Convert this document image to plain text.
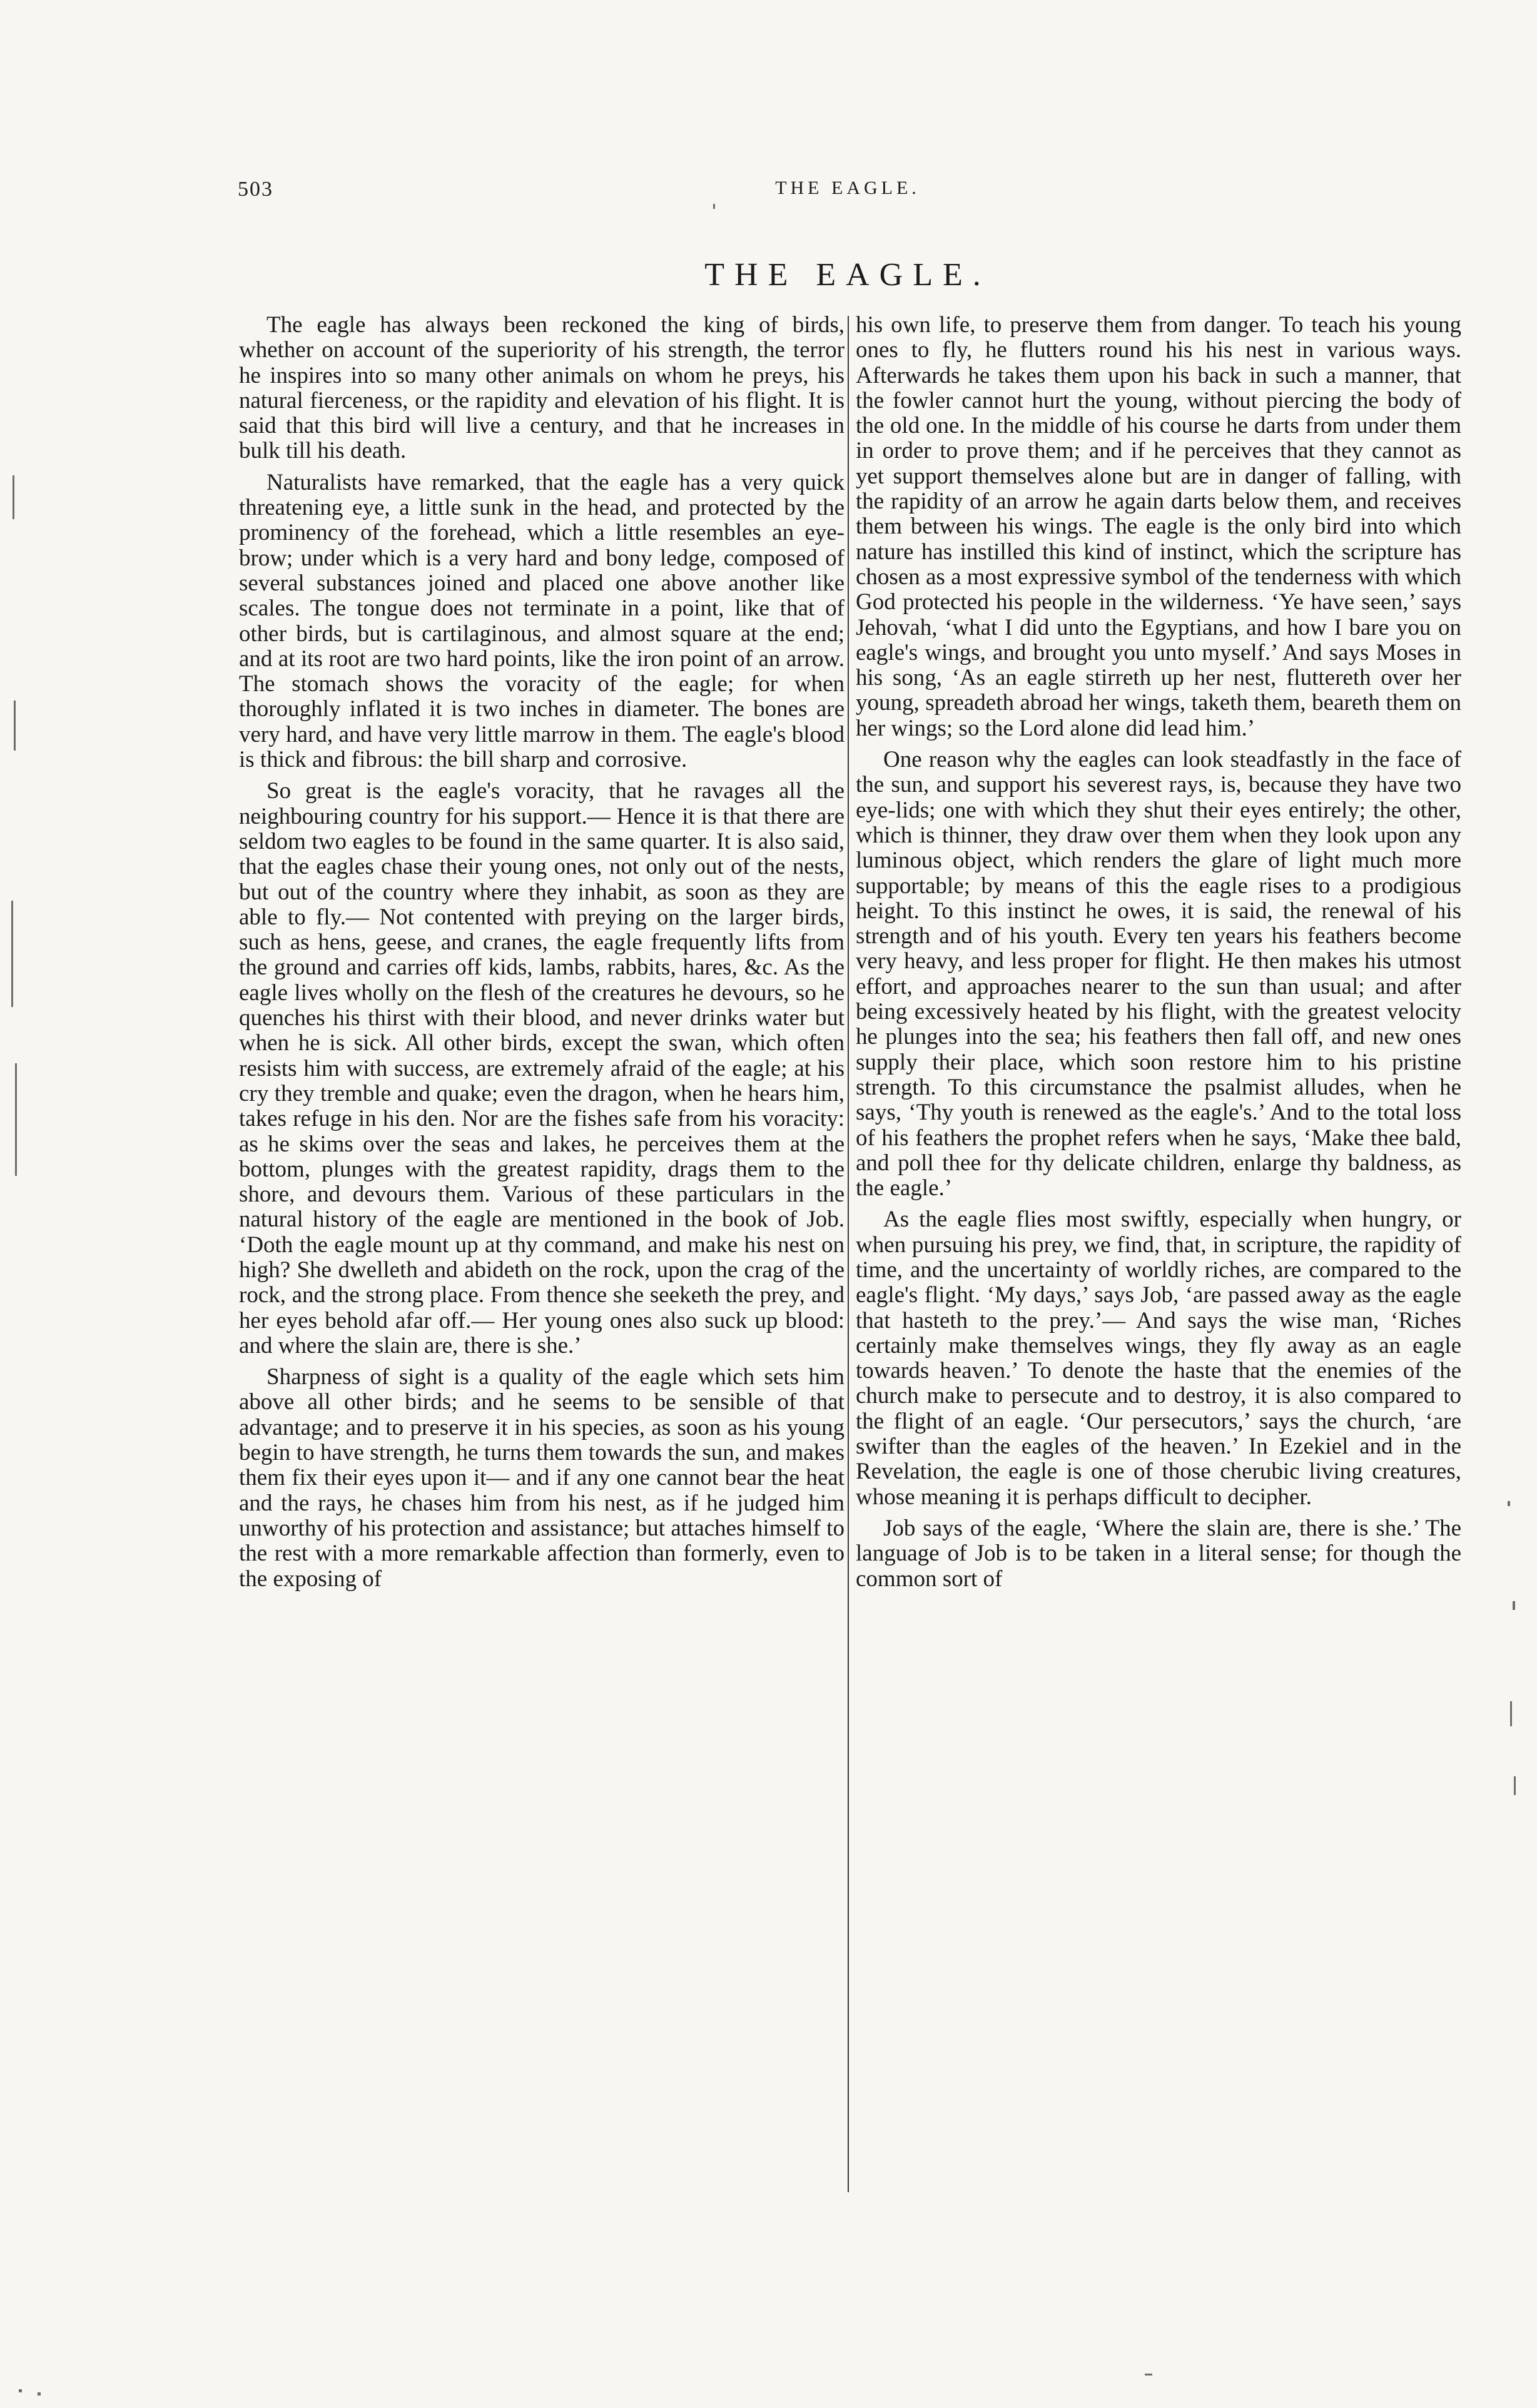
503	THE EAGLE.
THE EAGLE.

The eagle has always been reckoned the king of birds, whether on account of the superiority of his strength, the terror he inspires into so many other animals on whom he preys, his natural fierceness, or the rapidity and elevation of his flight. It is said that this bird will live a century, and that he increases in bulk till his death.

Naturalists have remarked, that the eagle has a very quick threatening eye, a little sunk in the head, and protected by the prominency of the forehead, which a little resembles an eye-brow; under which is a very hard and bony ledge, composed of several substances joined and placed one above another like scales. The tongue does not terminate in a point, like that of other birds, but is cartilaginous, and almost square at the end; and at its root are two hard points, like the iron point of an arrow. The stomach shows the voracity of the eagle; for when thoroughly inflated it is two inches in diameter. The bones are very hard, and have very little marrow in them. The eagle's blood is thick and fibrous: the bill sharp and corrosive.

So great is the eagle's voracity, that he ravages all the neighbouring country for his support.— Hence it is that there are seldom two eagles to be found in the same quarter. It is also said, that the eagles chase their young ones, not only out of the nests, but out of the country where they inhabit, as soon as they are able to fly.— Not contented with preying on the larger birds, such as hens, geese, and cranes, the eagle frequently lifts from the ground and carries off kids, lambs, rabbits, hares, &c. As the eagle lives wholly on the flesh of the creatures he devours, so he quenches his thirst with their blood, and never drinks water but when he is sick. All other birds, except the swan, which often resists him with success, are extremely afraid of the eagle; at his cry they tremble and quake; even the dragon, when he hears him, takes refuge in his den. Nor are the fishes safe from his voracity: as he skims over the seas and lakes, he perceives them at the bottom, plunges with the greatest rapidity, drags them to the shore, and devours them. Various of these particulars in the natural history of the eagle are mentioned in the book of Job. ‘Doth the eagle mount up at thy command, and make his nest on high? She dwelleth and abideth on the rock, upon the crag of the rock, and the strong place. From thence she seeketh the prey, and her eyes behold afar off.— Her young ones also suck up blood: and where the slain are, there is she.’

Sharpness of sight is a quality of the eagle which sets him above all other birds; and he seems to be sensible of that advantage; and to preserve it in his species, as soon as his young begin to have strength, he turns them towards the sun, and makes them fix their eyes upon it— and if any one cannot bear the heat and the rays, he chases him from his nest, as if he judged him unworthy of his protection and assistance; but attaches himself to the rest with a more remarkable affection than formerly, even to the exposing of

his own life, to preserve them from danger. To teach his young ones to fly, he flutters round his his nest in various ways. Afterwards he takes them upon his back in such a manner, that the fowler cannot hurt the young, without piercing the body of the old one. In the middle of his course he darts from under them in order to prove them; and if he perceives that they cannot as yet support themselves alone but are in danger of falling, with the rapidity of an arrow he again darts below them, and receives them between his wings. The eagle is the only bird into which nature has instilled this kind of instinct, which the scripture has chosen as a most expressive symbol of the tenderness with which God protected his people in the wilderness. ‘Ye have seen,’ says Jehovah, ‘what I did unto the Egyptians, and how I bare you on eagle's wings, and brought you unto myself.’ And says Moses in his song, ‘As an eagle stirreth up her nest, fluttereth over her young, spreadeth abroad her wings, taketh them, beareth them on her wings; so the Lord alone did lead him.’

One reason why the eagles can look steadfastly in the face of the sun, and support his severest rays, is, because they have two eye-lids; one with which they shut their eyes entirely; the other, which is thinner, they draw over them when they look upon any luminous object, which renders the glare of light much more supportable; by means of this the eagle rises to a prodigious height. To this instinct he owes, it is said, the renewal of his strength and of his youth. Every ten years his feathers become very heavy, and less proper for flight. He then makes his utmost effort, and approaches nearer to the sun than usual; and after being excessively heated by his flight, with the greatest velocity he plunges into the sea; his feathers then fall off, and new ones supply their place, which soon restore him to his pristine strength. To this circumstance the psalmist alludes, when he says, ‘Thy youth is renewed as the eagle's.’ And to the total loss of his feathers the prophet refers when he says, ‘Make thee bald, and poll thee for thy delicate children, enlarge thy baldness, as the eagle.’

As the eagle flies most swiftly, especially when hungry, or when pursuing his prey, we find, that, in scripture, the rapidity of time, and the uncertainty of worldly riches, are compared to the eagle's flight. ‘My days,’ says Job, ‘are passed away as the eagle that hasteth to the prey.’— And says the wise man, ‘Riches certainly make themselves wings, they fly away as an eagle towards heaven.’ To denote the haste that the enemies of the church make to persecute and to destroy, it is also compared to the flight of an eagle. ‘Our persecutors,’ says the church, ‘are swifter than the eagles of the heaven.’ In Ezekiel and in the Revelation, the eagle is one of those cherubic living creatures, whose meaning it is perhaps difficult to decipher.

Job says of the eagle, ‘Where the slain are, there is she.’ The language of Job is to be taken in a literal sense; for though the common sort of
